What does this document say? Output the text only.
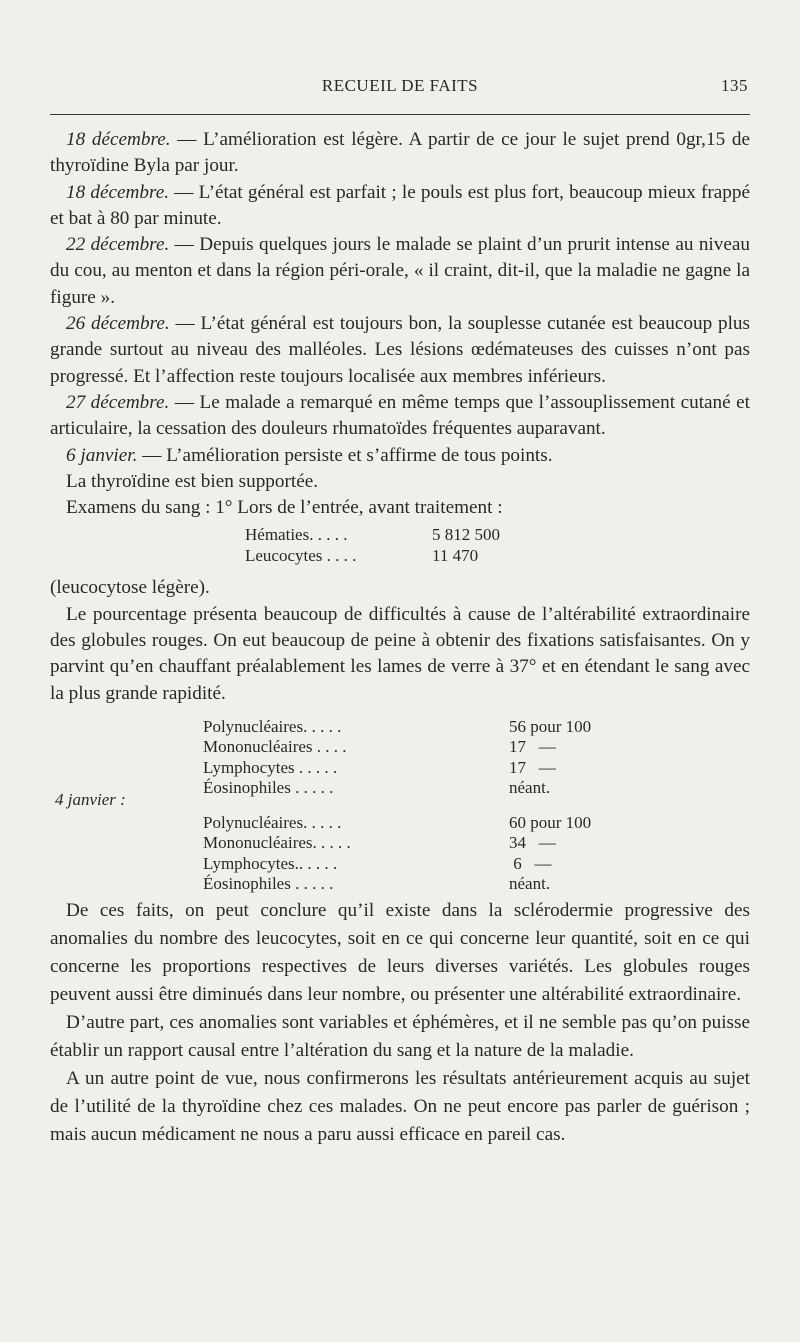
RECUEIL DE FAITS	135

18 décembre. — L’amélioration est légère. A partir de ce jour le sujet prend 0gr,15 de thyroïdine Byla par jour.

18 décembre. — L’état général est parfait ; le pouls est plus fort, beaucoup mieux frappé et bat à 80 par minute.

22 décembre. — Depuis quelques jours le malade se plaint d’un prurit intense au niveau du cou, au menton et dans la région péri-orale, « il craint, dit-il, que la maladie ne gagne la figure ».

26 décembre. — L’état général est toujours bon, la souplesse cutanée est beaucoup plus grande surtout au niveau des malléoles. Les lésions œdémateuses des cuisses n’ont pas progressé. Et l’affection reste toujours localisée aux membres inférieurs.

27 décembre. — Le malade a remarqué en même temps que l’assouplissement cutané et articulaire, la cessation des douleurs rhumatoïdes fréquentes auparavant.

6 janvier. — L’amélioration persiste et s’affirme de tous points.

La thyroïdine est bien supportée.

Examens du sang : 1° Lors de l’entrée, avant traitement :

Hématies. . . . .	5 812 500
Leucocytes . . . .	11 470

(leucocytose légère).

Le pourcentage présenta beaucoup de difficultés à cause de l’altérabilité extraordinaire des globules rouges. On eut beaucoup de peine à obtenir des fixations satisfaisantes. On y parvint qu’en chauffant préalablement les lames de verre à 37° et en étendant le sang avec la plus grande rapidité.

4 janvier :
Polynucléaires. . . . .	56 pour 100
Mononucléaires . . . .	17   —
Lymphocytes . . . . .	17   —
Éosinophiles . . . . .	néant.
Polynucléaires. . . . .	60 pour 100
Mononucléaires. . . . .	34   —
Lymphocytes.. . . . .	6   —
Éosinophiles . . . . .	néant.

De ces faits, on peut conclure qu’il existe dans la sclérodermie progressive des anomalies du nombre des leucocytes, soit en ce qui concerne leur quantité, soit en ce qui concerne les proportions respectives de leurs diverses variétés. Les globules rouges peuvent aussi être diminués dans leur nombre, ou présenter une altérabilité extraordinaire.

D’autre part, ces anomalies sont variables et éphémères, et il ne semble pas qu’on puisse établir un rapport causal entre l’altération du sang et la nature de la maladie.

A un autre point de vue, nous confirmerons les résultats antérieurement acquis au sujet de l’utilité de la thyroïdine chez ces malades. On ne peut encore pas parler de guérison ; mais aucun médicament ne nous a paru aussi efficace en pareil cas.
